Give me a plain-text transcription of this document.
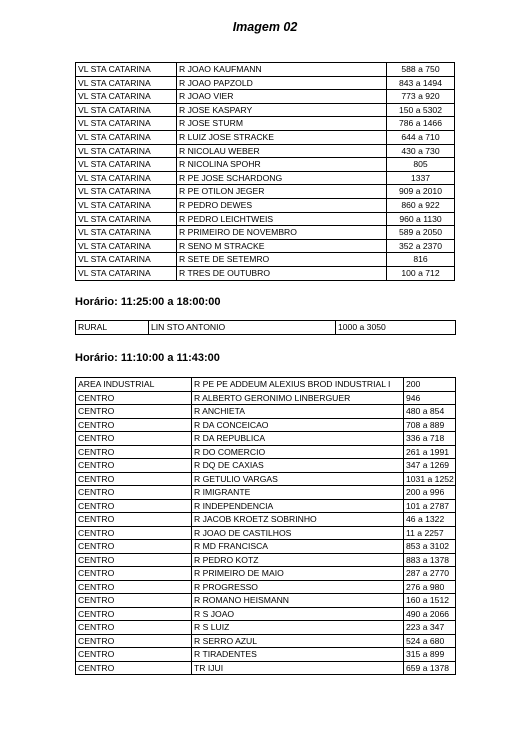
Imagem 02
VL STA CATARINA	R JOAO KAUFMANN	588 a 750
VL STA CATARINA	R JOAO PAPZOLD	843 a 1494
VL STA CATARINA	R JOAO VIER	773 a 920
VL STA CATARINA	R JOSE KASPARY	150 a 5302
VL STA CATARINA	R JOSE STURM	786 a 1466
VL STA CATARINA	R LUIZ JOSE STRACKE	644 a 710
VL STA CATARINA	R NICOLAU WEBER	430 a 730
VL STA CATARINA	R NICOLINA SPOHR	805
VL STA CATARINA	R PE JOSE SCHARDONG	1337
VL STA CATARINA	R PE OTILON JEGER	909 a 2010
VL STA CATARINA	R PEDRO DEWES	860 a 922
VL STA CATARINA	R PEDRO LEICHTWEIS	960 a 1130
VL STA CATARINA	R PRIMEIRO DE NOVEMBRO	589 a 2050
VL STA CATARINA	R SENO M STRACKE	352 a 2370
VL STA CATARINA	R SETE DE SETEMRO	816
VL STA CATARINA	R TRES DE OUTUBRO	100 a 712
Horário: 11:25:00 a 18:00:00
RURAL	LIN STO ANTONIO	1000 a 3050
Horário: 11:10:00 a 11:43:00
AREA INDUSTRIAL	R PE PE ADDEUM ALEXIUS BROD INDUSTRIAL I	200
CENTRO	R ALBERTO GERONIMO LINBERGUER	946
CENTRO	R ANCHIETA	480 a 854
CENTRO	R DA CONCEICAO	708 a 889
CENTRO	R DA REPUBLICA	336 a 718
CENTRO	R DO COMERCIO	261 a 1991
CENTRO	R DQ DE CAXIAS	347 a 1269
CENTRO	R GETULIO VARGAS	1031 a 1252
CENTRO	R IMIGRANTE	200 a 996
CENTRO	R INDEPENDENCIA	101 a 2787
CENTRO	R JACOB KROETZ SOBRINHO	46 a 1322
CENTRO	R JOAO DE CASTILHOS	11 a 2257
CENTRO	R MD FRANCISCA	853 a 3102
CENTRO	R PEDRO KOTZ	883 a 1378
CENTRO	R PRIMEIRO DE MAIO	287 a 2770
CENTRO	R PROGRESSO	276 a 980
CENTRO	R ROMANO HEISMANN	160 a 1512
CENTRO	R S JOAO	490 a 2066
CENTRO	R S LUIZ	223 a 347
CENTRO	R SERRO AZUL	524 a 680
CENTRO	R TIRADENTES	315 a 899
CENTRO	TR IJUI	659 a 1378
